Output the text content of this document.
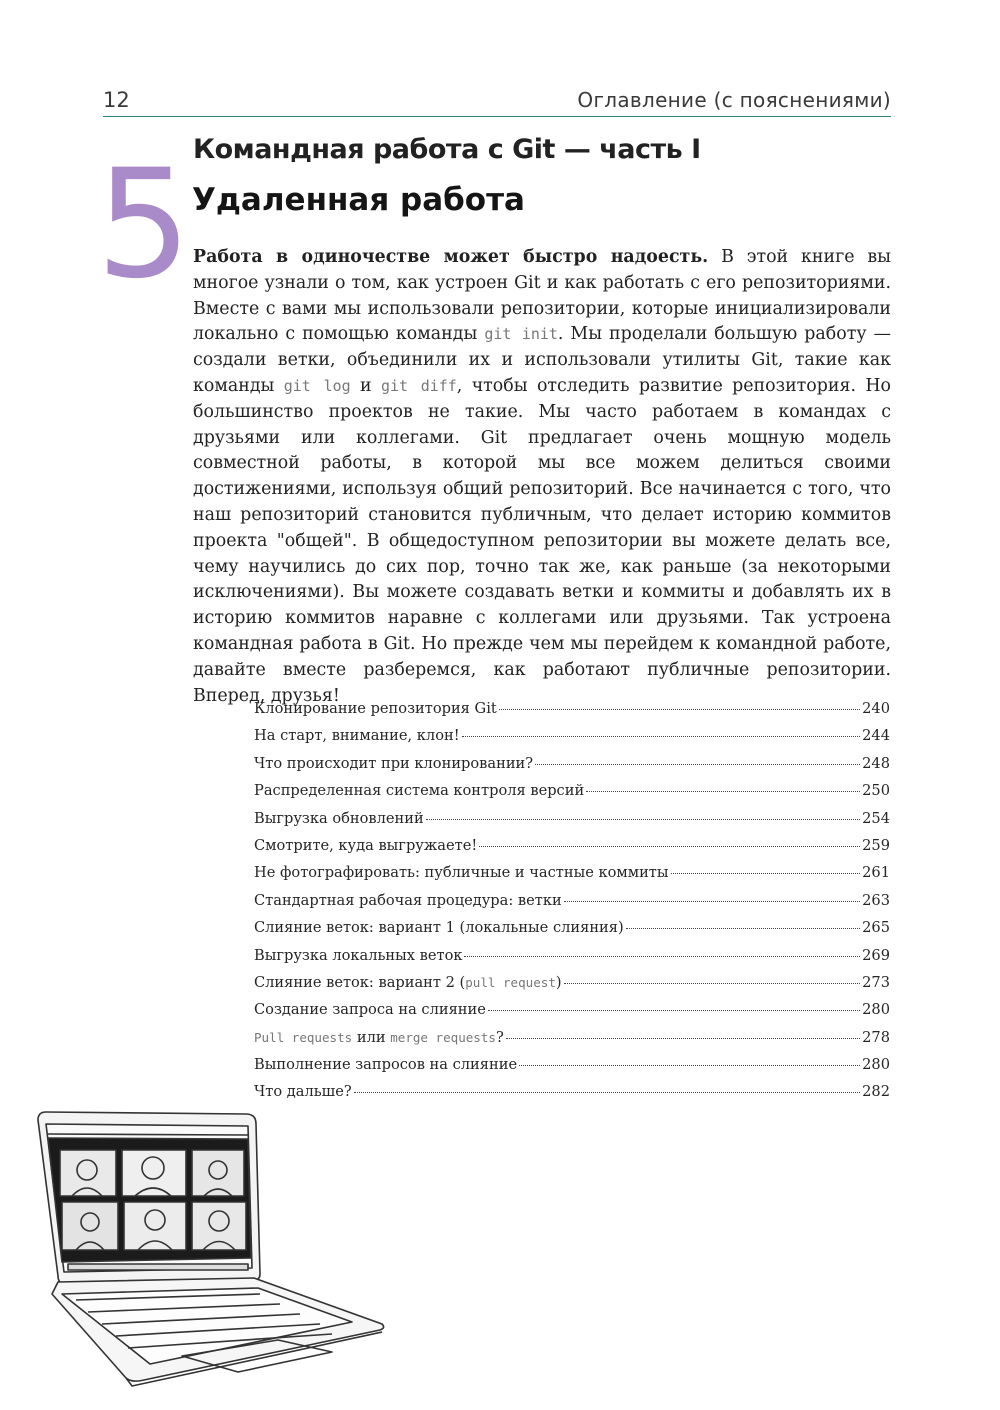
12	Оглавление (с пояснениями)
Командная работа с Git — часть I
5 Удаленная работа

Работа в одиночестве может быстро надоесть. В этой книге вы многое узнали о том, как устроен Git и как работать с его репозиториями. Вместе с вами мы использовали репозитории, которые инициализировали локально с помощью команды git init. Мы проделали большую работу — создали ветки, объединили их и использовали утилиты Git, такие как команды git log и git diff, чтобы отследить развитие репозитория. Но большинство проектов не такие. Мы часто работаем в командах с друзьями или коллегами. Git предлагает очень мощную модель совместной работы, в которой мы все можем делиться своими достижениями, используя общий репозиторий. Все начинается с того, что наш репозиторий становится публичным, что делает историю коммитов проекта "общей". В общедоступном репозитории вы можете делать все, чему научились до сих пор, точно так же, как раньше (за некоторыми исключениями). Вы можете создавать ветки и коммиты и добавлять их в историю коммитов наравне с коллегами или друзьями. Так устроена командная работа в Git. Но прежде чем мы перейдем к командной работе, давайте вместе разберемся, как работают публичные репозитории. Вперед, друзья!

Клонирование репозитория Git	240
На старт, внимание, клон!	244
Что происходит при клонировании?	248
Распределенная система контроля версий	250
Выгрузка обновлений	254
Смотрите, куда выгружаете!	259
Не фотографировать: публичные и частные коммиты	261
Стандартная рабочая процедура: ветки	263
Слияние веток: вариант 1 (локальные слияния)	265
Выгрузка локальных веток	269
Слияние веток: вариант 2 (pull request)	273
Создание запроса на слияние	280
Pull requests или merge requests?	278
Выполнение запросов на слияние	280
Что дальше?	282
